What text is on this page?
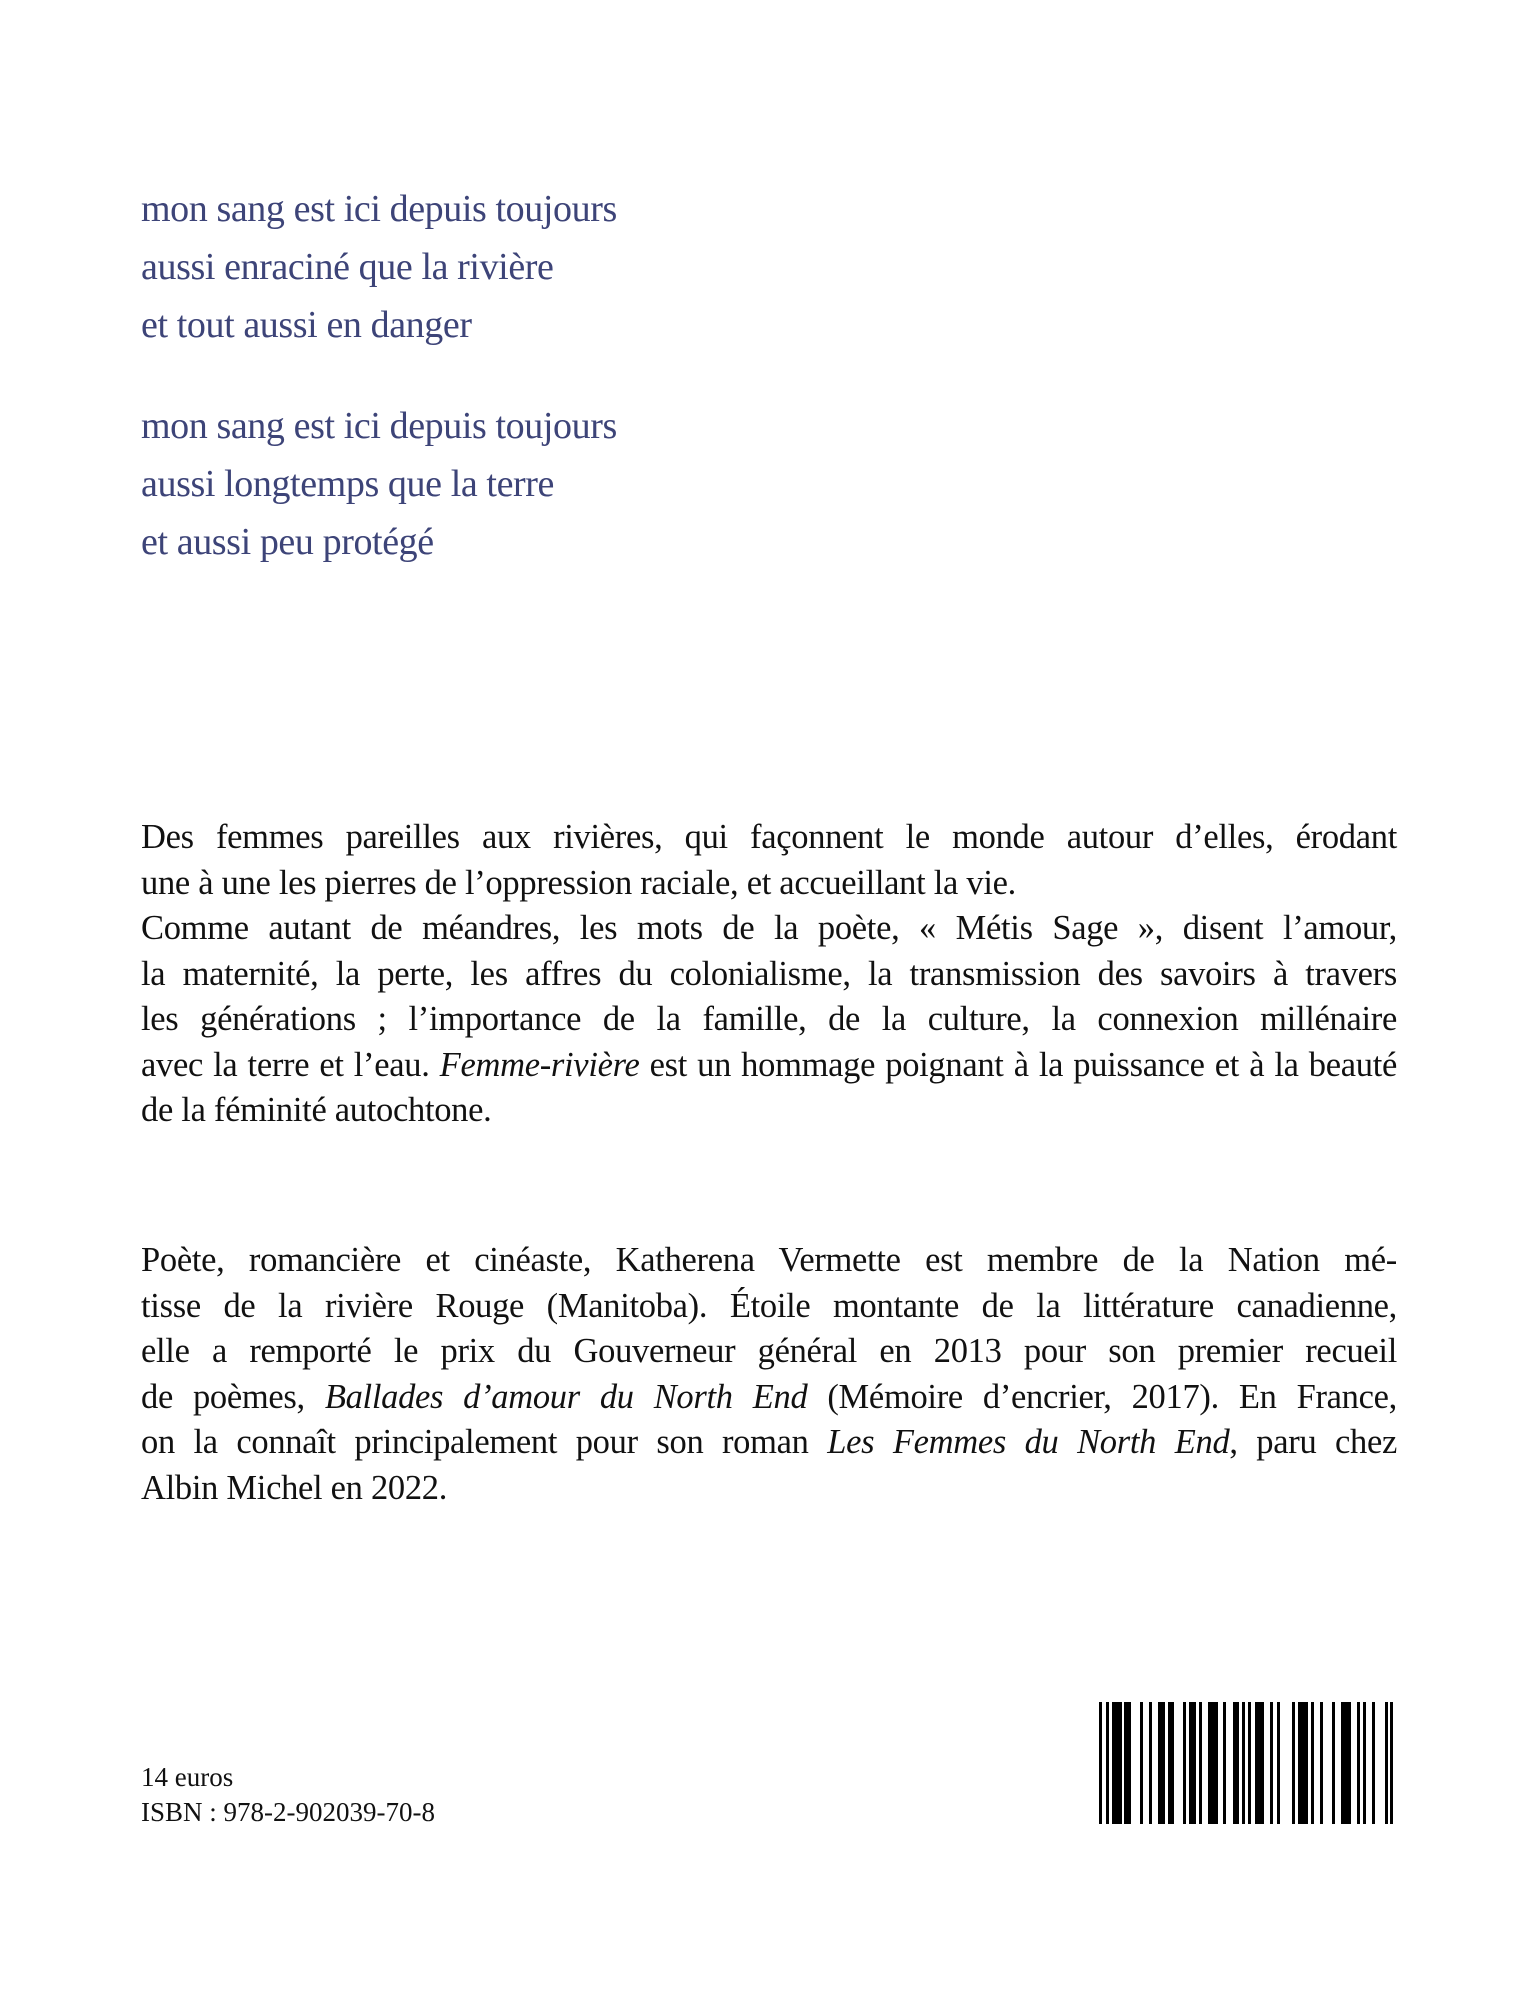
mon sang est ici depuis toujours
aussi enraciné que la rivière
et tout aussi en danger
mon sang est ici depuis toujours
aussi longtemps que la terre
et aussi peu protégé
Des femmes pareilles aux rivières, qui façonnent le monde autour d’elles, érodant
une à une les pierres de l’oppression raciale, et accueillant la vie.
Comme autant de méandres, les mots de la poète, « Métis Sage », disent l’amour,
la maternité, la perte, les affres du colonialisme, la transmission des savoirs à travers
les générations ; l’importance de la famille, de la culture, la connexion millénaire
avec la terre et l’eau. Femme-rivière est un hommage poignant à la puissance et à la beauté
de la féminité autochtone.
Poète, romancière et cinéaste, Katherena Vermette est membre de la Nation mé-
tisse de la rivière Rouge (Manitoba). Étoile montante de la littérature canadienne,
elle a remporté le prix du Gouverneur général en 2013 pour son premier recueil
de poèmes, Ballades d’amour du North End (Mémoire d’encrier, 2017). En France,
on la connaît principalement pour son roman Les Femmes du North End, paru chez
Albin Michel en 2022.
14 euros
ISBN : 978-2-902039-70-8
